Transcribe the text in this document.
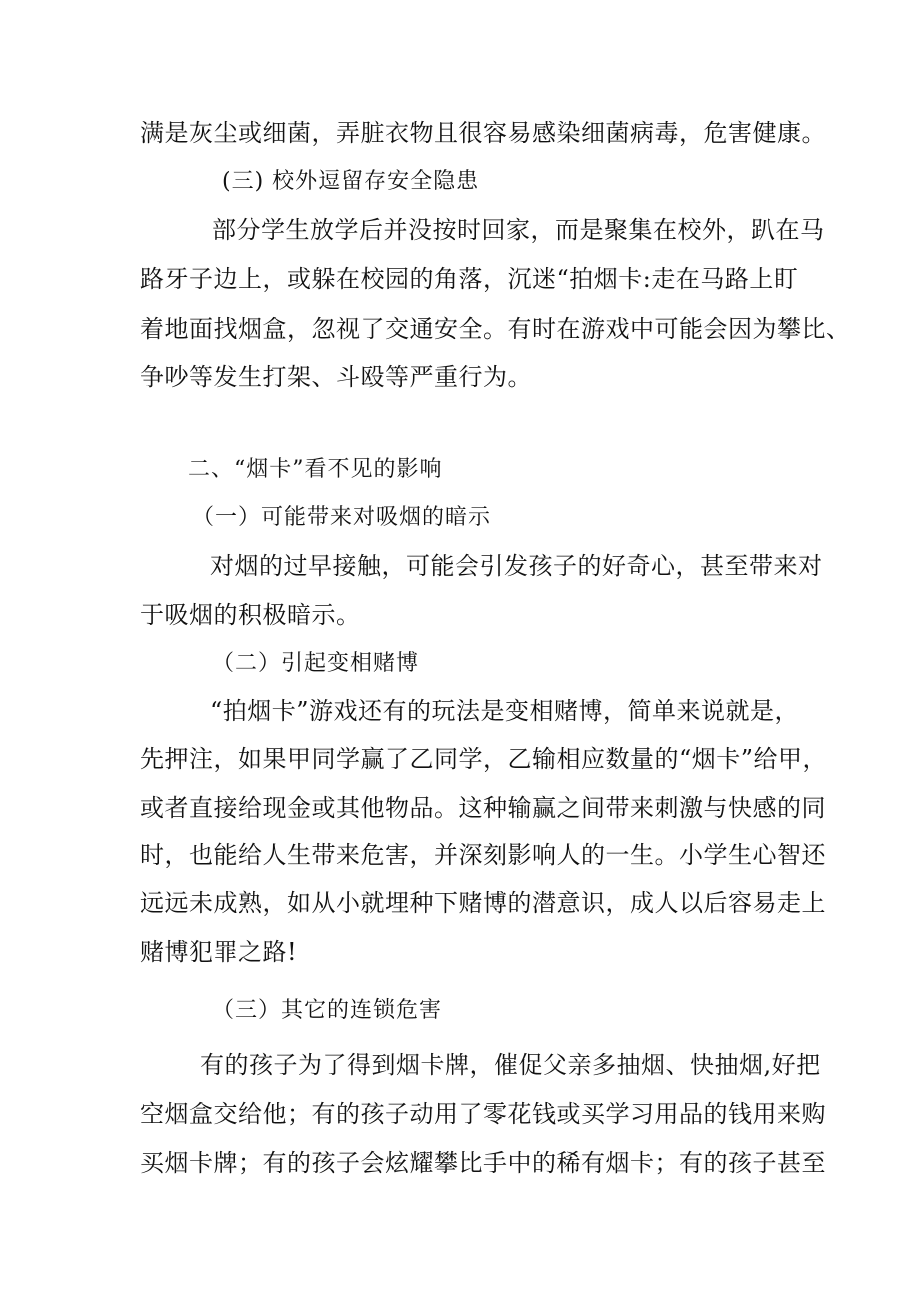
满是灰尘或细菌，弄脏衣物且很容易感染细菌病毒，危害健康。
(三) 校外逗留存安全隐患
部分学生放学后并没按时回家，而是聚集在校外，趴在马
路牙子边上，或躲在校园的角落，沉迷“拍烟卡:走在马路上盯
着地面找烟盒，忽视了交通安全。有时在游戏中可能会因为攀比、
争吵等发生打架、斗殴等严重行为。
二、“烟卡”看不见的影响
（一）可能带来对吸烟的暗示
对烟的过早接触，可能会引发孩子的好奇心，甚至带来对
于吸烟的积极暗示。
（二）引起变相赌博
“拍烟卡”游戏还有的玩法是变相赌博，简单来说就是，
先押注，如果甲同学赢了乙同学，乙输相应数量的“烟卡”给甲，
或者直接给现金或其他物品。这种输赢之间带来刺激与快感的同
时，也能给人生带来危害，并深刻影响人的一生。小学生心智还
远远未成熟，如从小就埋种下赌博的潜意识，成人以后容易走上
赌博犯罪之路!
（三）其它的连锁危害
有的孩子为了得到烟卡牌，催促父亲多抽烟、快抽烟,好把
空烟盒交给他；有的孩子动用了零花钱或买学习用品的钱用来购
买烟卡牌；有的孩子会炫耀攀比手中的稀有烟卡；有的孩子甚至
